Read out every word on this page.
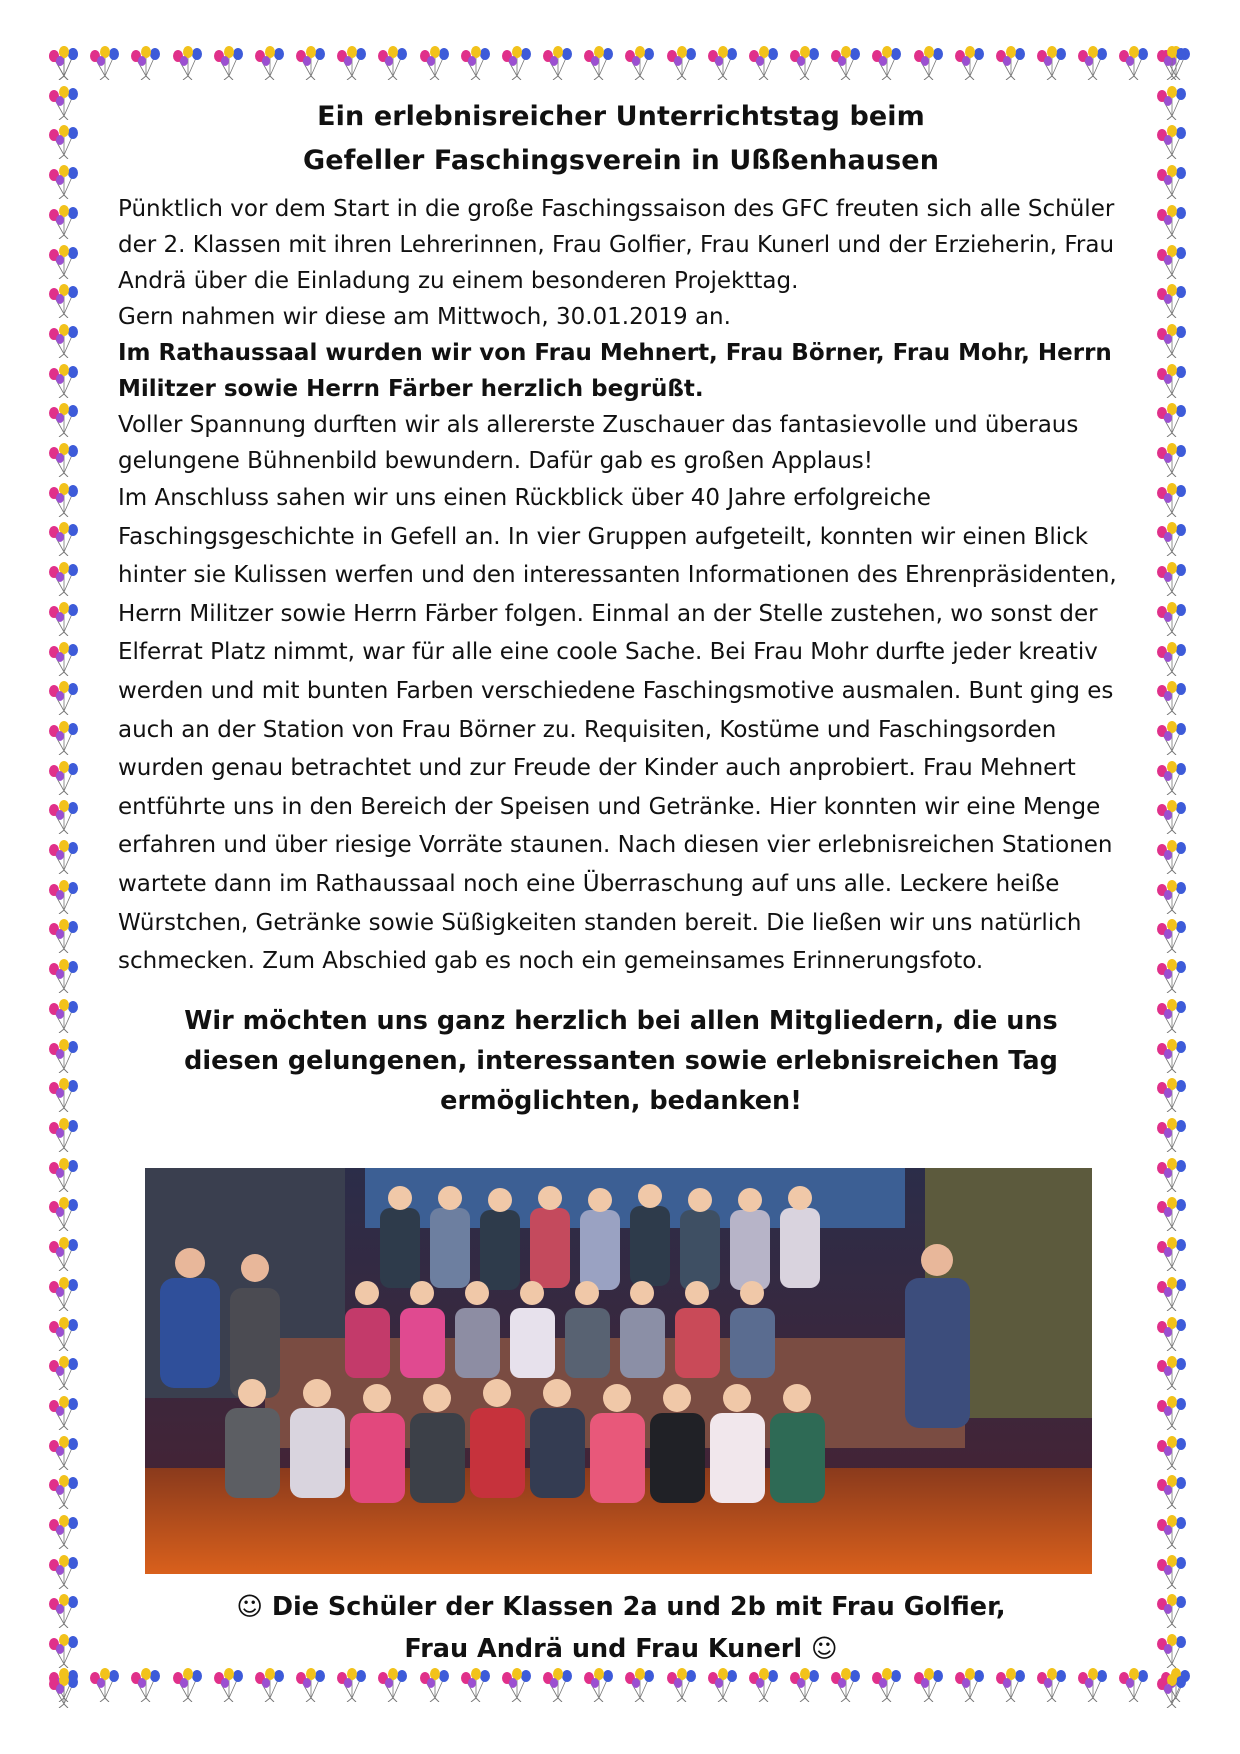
Ein erlebnisreicher Unterrichtstag beim
Gefeller Faschingsverein in Ußßenhausen

Pünktlich vor dem Start in die große Faschingssaison des GFC freuten sich alle Schüler der 2. Klassen mit ihren Lehrerinnen, Frau Golfier, Frau Kunerl und der Erzieherin, Frau Andrä über die Einladung zu einem besonderen Projekttag.

Gern nahmen wir diese am Mittwoch, 30.01.2019 an.

Im Rathaussaal wurden wir von Frau Mehnert, Frau Börner, Frau Mohr, Herrn Militzer sowie Herrn Färber herzlich begrüßt.

Voller Spannung durften wir als allererste Zuschauer das fantasievolle und überaus gelungene Bühnenbild bewundern. Dafür gab es großen Applaus!

Im Anschluss sahen wir uns einen Rückblick über 40 Jahre erfolgreiche Faschingsgeschichte in Gefell an. In vier Gruppen aufgeteilt, konnten wir einen Blick hinter sie Kulissen werfen und den interessanten Informationen des Ehrenpräsidenten, Herrn Militzer sowie Herrn Färber folgen. Einmal an der Stelle zustehen, wo sonst der Elferrat Platz nimmt, war für alle eine coole Sache. Bei Frau Mohr durfte jeder kreativ werden und mit bunten Farben verschiedene Faschingsmotive ausmalen. Bunt ging es auch an der Station von Frau Börner zu. Requisiten, Kostüme und Faschingsorden wurden genau betrachtet und zur Freude der Kinder auch anprobiert. Frau Mehnert entführte uns in den Bereich der Speisen und Getränke. Hier konnten wir eine Menge erfahren und über riesige Vorräte staunen. Nach diesen vier erlebnisreichen Stationen wartete dann im Rathaussaal noch eine Überraschung auf uns alle. Leckere heiße Würstchen, Getränke sowie Süßigkeiten standen bereit. Die ließen wir uns natürlich schmecken. Zum Abschied gab es noch ein gemeinsames Erinnerungsfoto.

Wir möchten uns ganz herzlich bei allen Mitgliedern, die uns diesen gelungenen, interessanten sowie erlebnisreichen Tag ermöglichten, bedanken!
☺ Die Schüler der Klassen 2a und 2b mit Frau Golfier,
Frau Andrä und Frau Kunerl ☺
